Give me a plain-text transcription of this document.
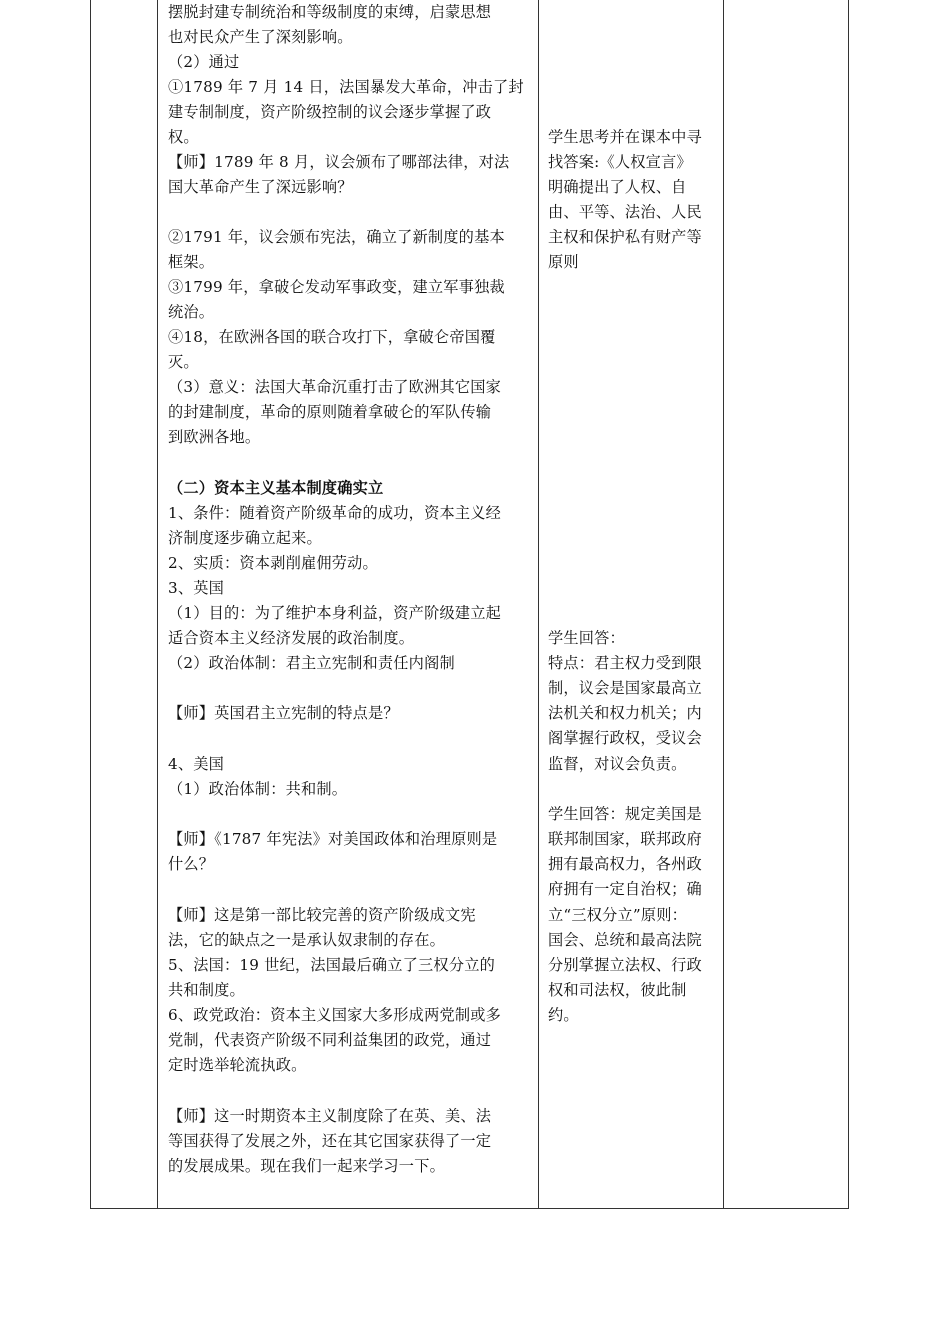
摆脱封建专制统治和等级制度的束缚，启蒙思想
也对民众产生了深刻影响。
（2）通过
①1789 年 7 月 14 日，法国暴发大革命，冲击了封
建专制制度，资产阶级控制的议会逐步掌握了政
权。
【师】1789 年 8 月，议会颁布了哪部法律，对法
国大革命产生了深远影响？
②1791 年，议会颁布宪法，确立了新制度的基本
框架。
③1799 年，拿破仑发动军事政变，建立军事独裁
统治。
④18，在欧洲各国的联合攻打下，拿破仑帝国覆
灭。
（3）意义：法国大革命沉重打击了欧洲其它国家
的封建制度，革命的原则随着拿破仑的军队传输
到欧洲各地。
（二）资本主义基本制度确实立
1、条件：随着资产阶级革命的成功，资本主义经
济制度逐步确立起来。
2、实质：资本剥削雇佣劳动。
3、英国
（1）目的：为了维护本身利益，资产阶级建立起
适合资本主义经济发展的政治制度。
（2）政治体制：君主立宪制和责任内阁制
【师】英国君主立宪制的特点是？
4、美国
（1）政治体制：共和制。
【师】《1787 年宪法》对美国政体和治理原则是
什么？
【师】这是第一部比较完善的资产阶级成文宪
法，它的缺点之一是承认奴隶制的存在。
5、法国：19 世纪，法国最后确立了三权分立的
共和制度。
6、政党政治：资本主义国家大多形成两党制或多
党制，代表资产阶级不同利益集团的政党，通过
定时选举轮流执政。
【师】这一时期资本主义制度除了在英、美、法
等国获得了发展之外，还在其它国家获得了一定
的发展成果。现在我们一起来学习一下。
学生思考并在课本中寻
找答案:《人权宣言》
明确提出了人权、自
由、平等、法治、人民
主权和保护私有财产等
原则
学生回答：
特点：君主权力受到限
制，议会是国家最高立
法机关和权力机关；内
阁掌握行政权，受议会
监督，对议会负责。
学生回答：规定美国是
联邦制国家，联邦政府
拥有最高权力，各州政
府拥有一定自治权；确
立“三权分立”原则：
国会、总统和最高法院
分别掌握立法权、行政
权和司法权，彼此制
约。
